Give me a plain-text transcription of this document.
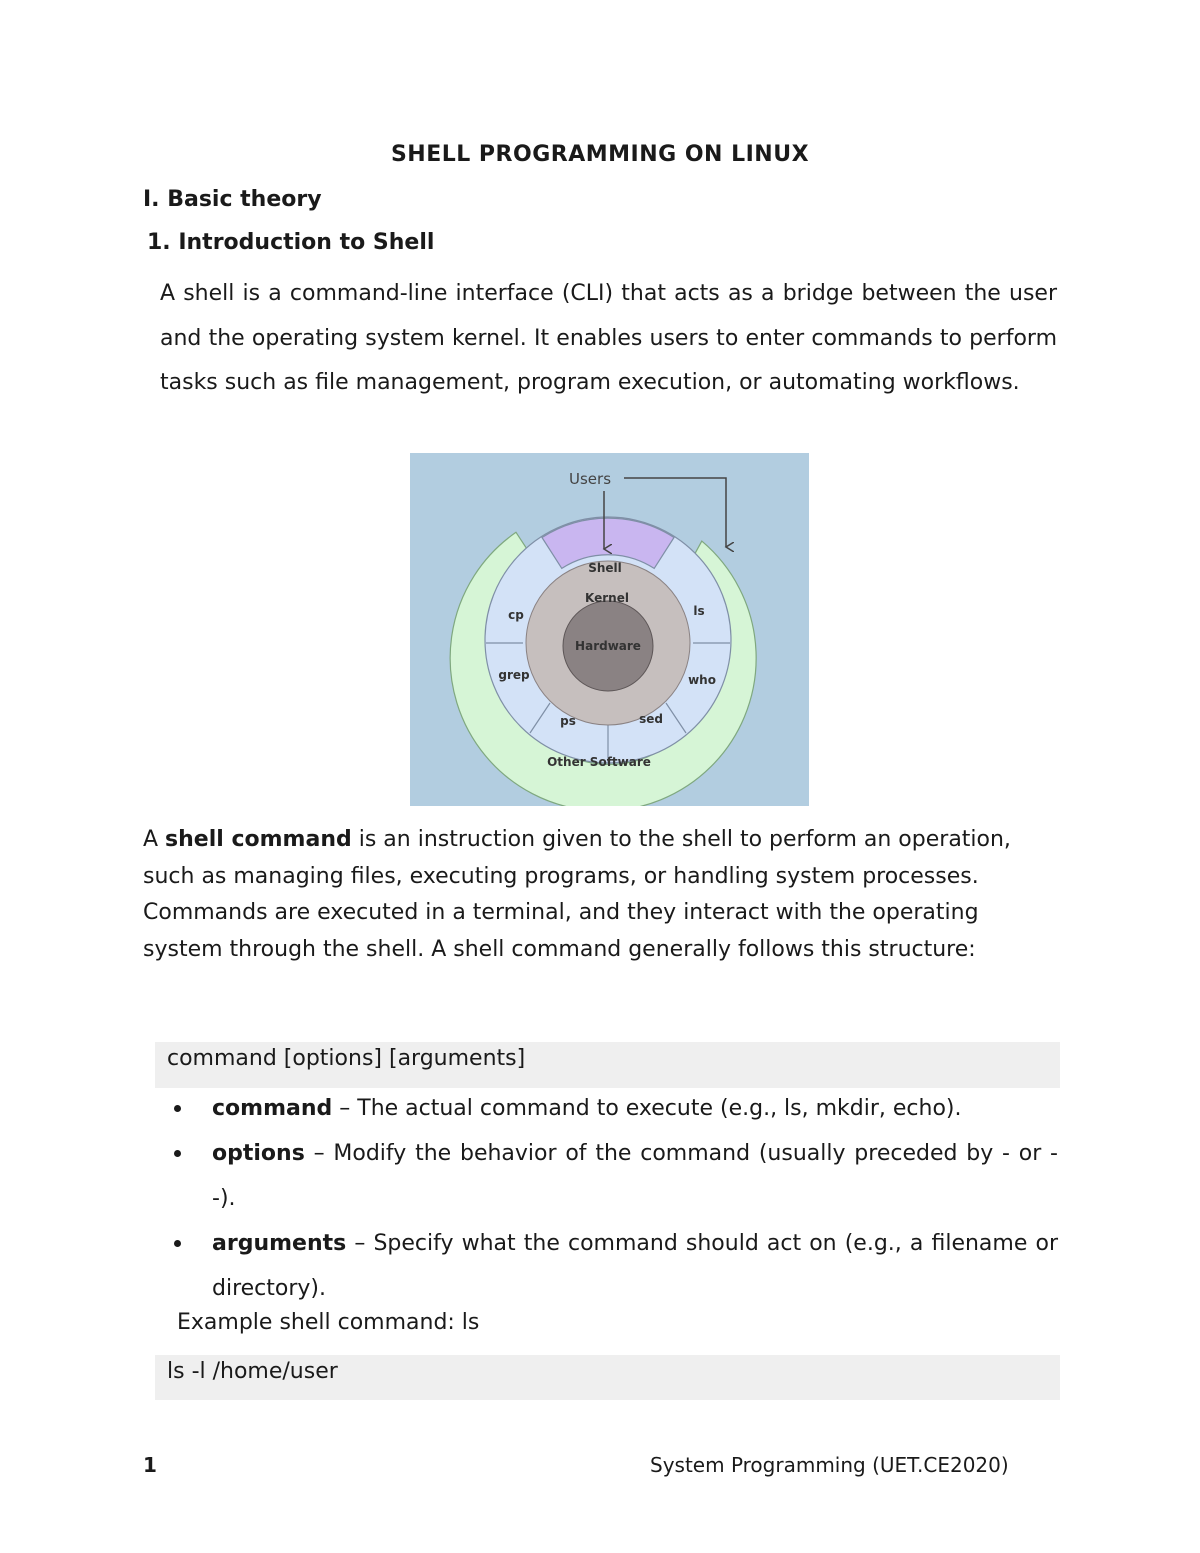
SHELL PROGRAMMING ON LINUX
I. Basic theory
1. Introduction to Shell

A shell is a command-line interface (CLI) that acts as a bridge between the user and the operating system kernel. It enables users to enter commands to perform tasks such as file management, program execution, or automating workflows.

Users
Shell
Kernel
Hardware
cp
grep
ps	sed
who
ls
Other Software

A shell command is an instruction given to the shell to perform an operation, such as managing files, executing programs, or handling system processes. Commands are executed in a terminal, and they interact with the operating system through the shell. A shell command generally follows this structure:

command [options] [arguments]
command – The actual command to execute (e.g., ls, mkdir, echo).
options – Modify the behavior of the command (usually preceded by - or --).
arguments – Specify what the command should act on (e.g., a filename or directory).

Example shell command: ls

ls -l /home/user
1	System Programming (UET.CE2020)
